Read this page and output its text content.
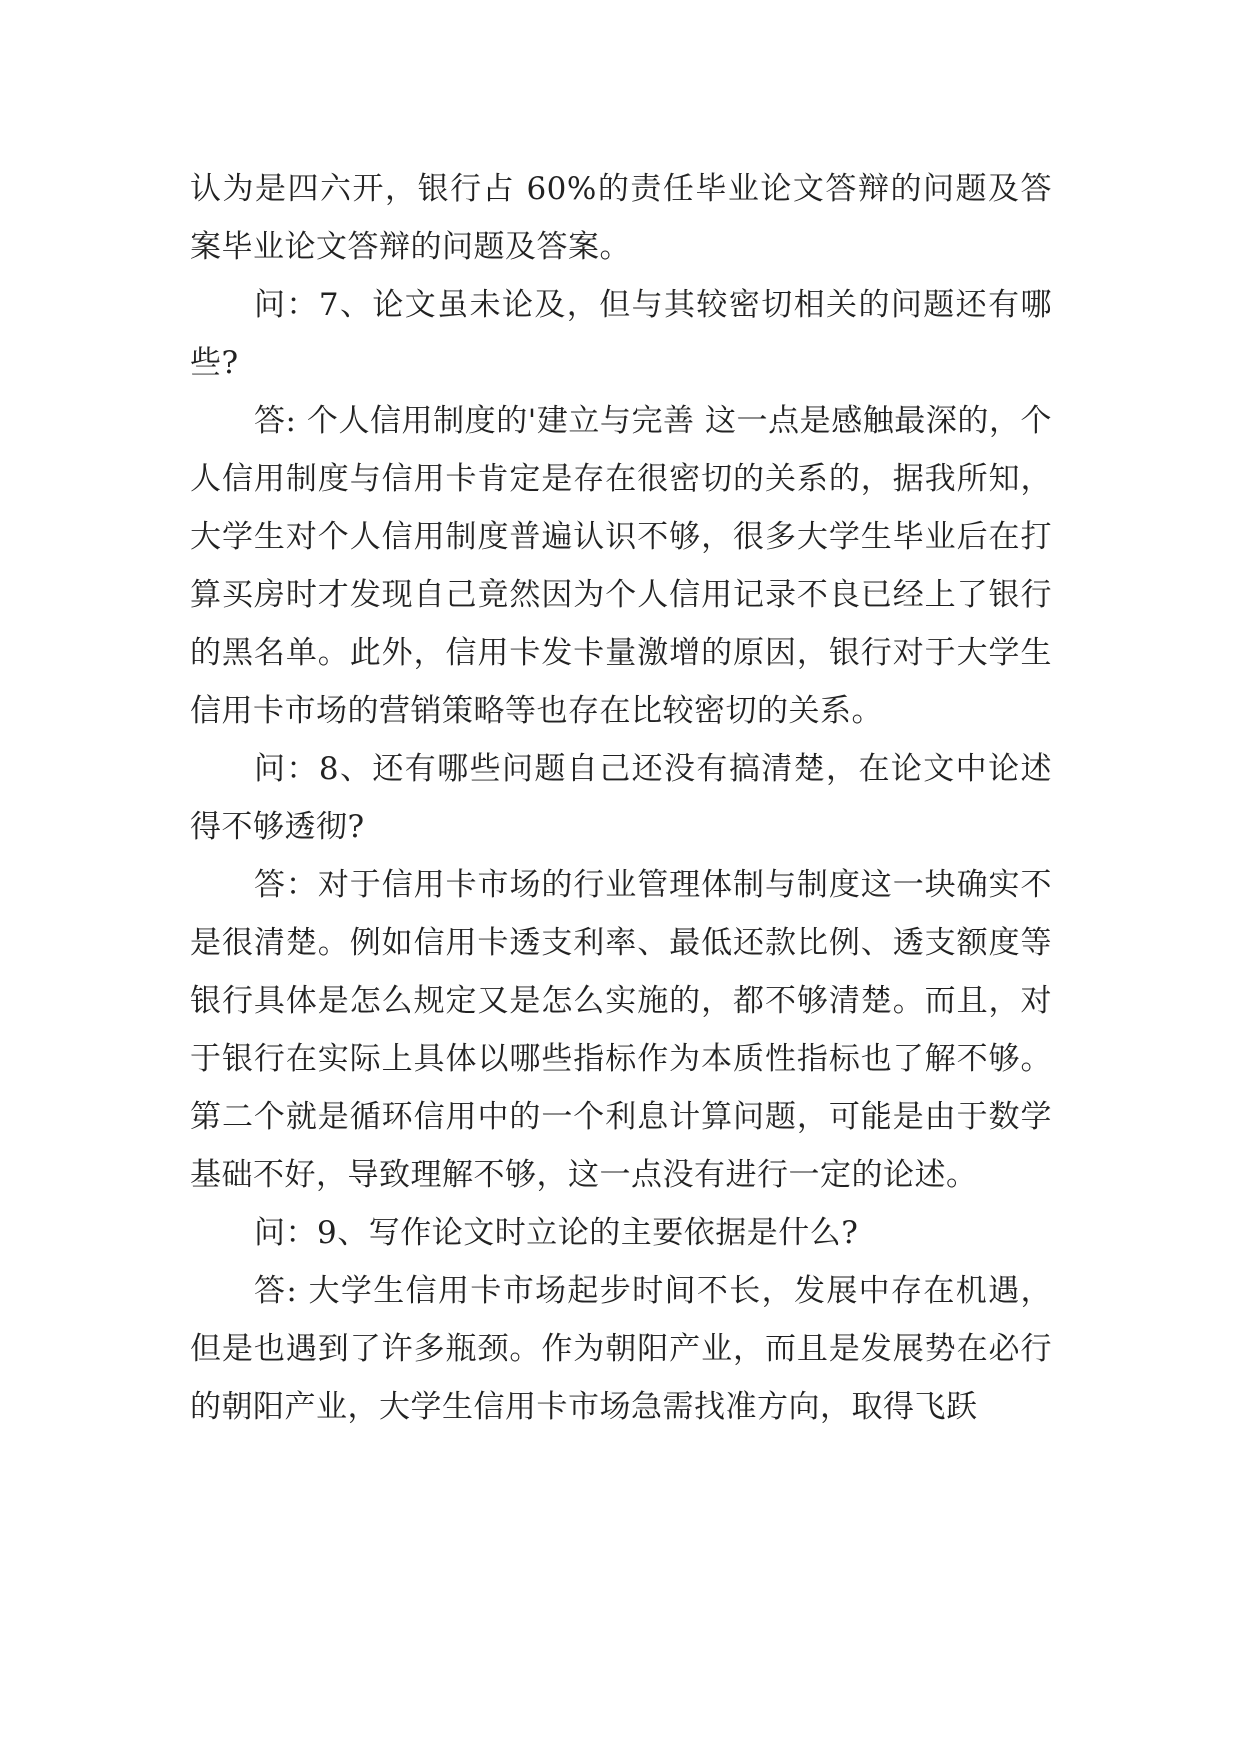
认为是四六开，银行占 60%的责任毕业论文答辩的问题及答案毕业论文答辩的问题及答案。

问：7、论文虽未论及，但与其较密切相关的问题还有哪些?

答: 个人信用制度的'建立与完善 这一点是感触最深的，个人信用制度与信用卡肯定是存在很密切的关系的，据我所知，大学生对个人信用制度普遍认识不够，很多大学生毕业后在打算买房时才发现自己竟然因为个人信用记录不良已经上了银行的黑名单。此外，信用卡发卡量激增的原因，银行对于大学生信用卡市场的营销策略等也存在比较密切的关系。

问：8、还有哪些问题自己还没有搞清楚，在论文中论述得不够透彻?

答：对于信用卡市场的行业管理体制与制度这一块确实不是很清楚。例如信用卡透支利率、最低还款比例、透支额度等银行具体是怎么规定又是怎么实施的，都不够清楚。而且，对于银行在实际上具体以哪些指标作为本质性指标也了解不够。 第二个就是循环信用中的一个利息计算问题，可能是由于数学基础不好，导致理解不够，这一点没有进行一定的论述。

问：9、写作论文时立论的主要依据是什么?

答: 大学生信用卡市场起步时间不长，发展中存在机遇，但是也遇到了许多瓶颈。作为朝阳产业，而且是发展势在必行的朝阳产业，大学生信用卡市场急需找准方向，取得飞跃
